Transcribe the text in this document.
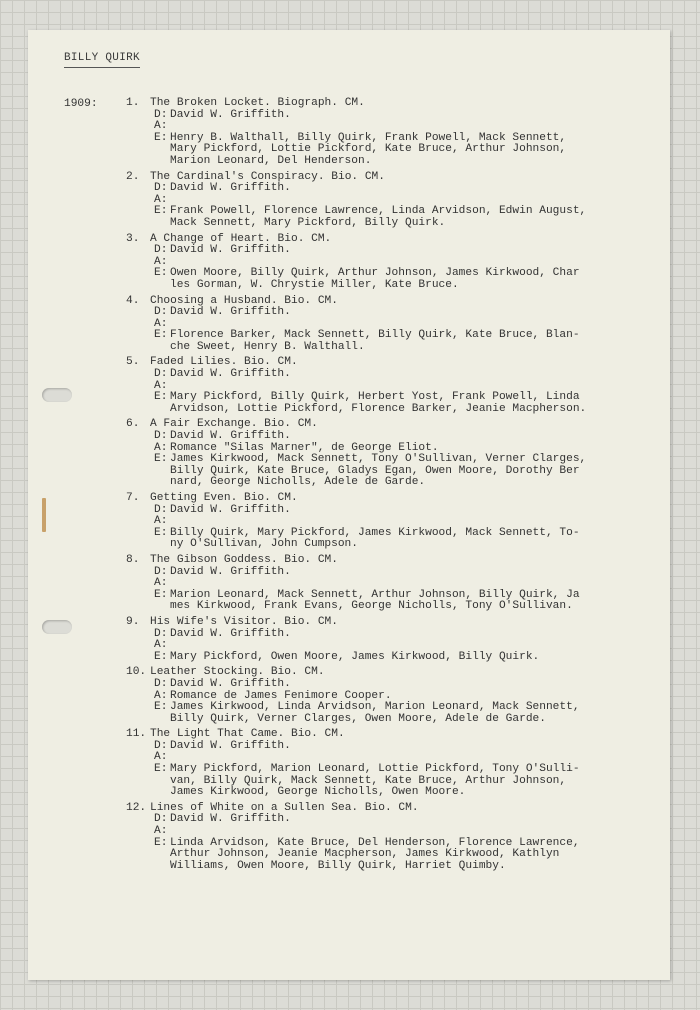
BILLY QUIRK
1909:	1. The Broken Locket. Biograph. CM.
D: David W. Griffith.
A:
E: Henry B. Walthall, Billy Quirk, Frank Powell, Mack Sennett,
Mary Pickford, Lottie Pickford, Kate Bruce, Arthur Johnson,
Marion Leonard, Del Henderson.
2. The Cardinal's Conspiracy. Bio. CM.
D: David W. Griffith.
A:
E: Frank Powell, Florence Lawrence, Linda Arvidson, Edwin August,
Mack Sennett, Mary Pickford, Billy Quirk.
3. A Change of Heart. Bio. CM.
D: David W. Griffith.
A:
E: Owen Moore, Billy Quirk, Arthur Johnson, James Kirkwood, Char
les Gorman, W. Chrystie Miller, Kate Bruce.
4. Choosing a Husband. Bio. CM.
D: David W. Griffith.
A:
E: Florence Barker, Mack Sennett, Billy Quirk, Kate Bruce, Blan-
che Sweet, Henry B. Walthall.
5. Faded Lilies. Bio. CM.
D: David W. Griffith.
A:
E: Mary Pickford, Billy Quirk, Herbert Yost, Frank Powell, Linda
Arvidson, Lottie Pickford, Florence Barker, Jeanie Macpherson.
6. A Fair Exchange. Bio. CM.
D: David W. Griffith.
A: Romance "Silas Marner", de George Eliot.
E: James Kirkwood, Mack Sennett, Tony O'Sullivan, Verner Clarges,
Billy Quirk, Kate Bruce, Gladys Egan, Owen Moore, Dorothy Ber
nard, George Nicholls, Adele de Garde.
7. Getting Even. Bio. CM.
D: David W. Griffith.
A:
E: Billy Quirk, Mary Pickford, James Kirkwood, Mack Sennett, To-
ny O'Sullivan, John Cumpson.
8. The Gibson Goddess. Bio. CM.
D: David W. Griffith.
A:
E: Marion Leonard, Mack Sennett, Arthur Johnson, Billy Quirk, Ja
mes Kirkwood, Frank Evans, George Nicholls, Tony O'Sullivan.
9. His Wife's Visitor. Bio. CM.
D: David W. Griffith.
A:
E: Mary Pickford, Owen Moore, James Kirkwood, Billy Quirk.
10. Leather Stocking. Bio. CM.
D: David W. Griffith.
A: Romance de James Fenimore Cooper.
E: James Kirkwood, Linda Arvidson, Marion Leonard, Mack Sennett,
Billy Quirk, Verner Clarges, Owen Moore, Adele de Garde.
11. The Light That Came. Bio. CM.
D: David W. Griffith.
A:
E: Mary Pickford, Marion Leonard, Lottie Pickford, Tony O'Sulli-
van, Billy Quirk, Mack Sennett, Kate Bruce, Arthur Johnson,
James Kirkwood, George Nicholls, Owen Moore.
12. Lines of White on a Sullen Sea. Bio. CM.
D: David W. Griffith.
A:
E: Linda Arvidson, Kate Bruce, Del Henderson, Florence Lawrence,
Arthur Johnson, Jeanie Macpherson, James Kirkwood, Kathlyn
Williams, Owen Moore, Billy Quirk, Harriet Quimby.
